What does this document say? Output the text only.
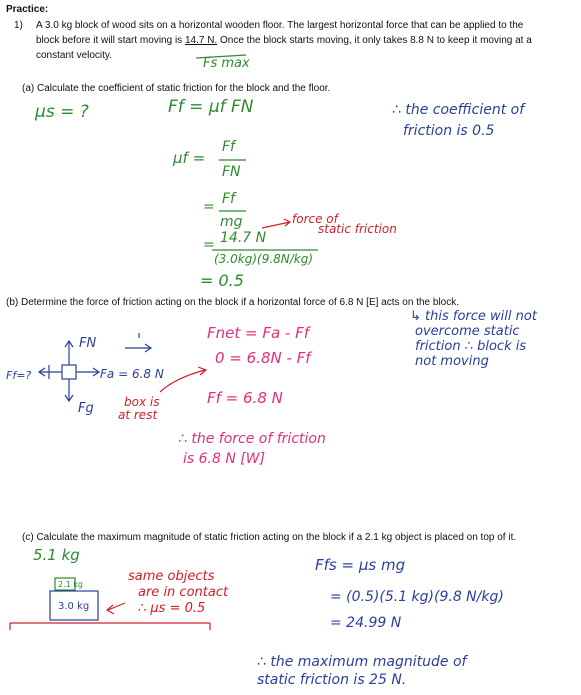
Practice:
1) A 3.0 kg block of wood sits on a horizontal wooden floor. The largest horizontal force that can be applied to the
block before it will start moving is 14.7 N. Once the block starts moving, it only takes 8.8 N to keep it moving at a
constant velocity.
Fs max
(a) Calculate the coefficient of static friction for the block and the floor.
μs = ?	Ff = μf FN
μf =
Ff
FN
= Ff
mg
= 14.7 N
(3.0kg)(9.8N/kg)
= 0.5
force of
static friction
∴ the coefficient of
friction is 0.5
(b) Determine the force of friction acting on the block if a horizontal force of 6.8 N [E] acts on the block.
FN
Ff=?	Fa = 6.8 N
Fg	box is
at rest
Fnet = Fa - Ff
0 = 6.8N - Ff
Ff = 6.8 N
∴ the force of friction
is 6.8 N [W]
↳ this force will not
overcome static
friction ∴ block is
not moving
(c) Calculate the maximum magnitude of static friction acting on the block if a 2.1 kg object is placed on top of it.
5.1 kg
2.1 kg
3.0 kg
same objects
are in contact
∴ μs = 0.5
Ffs = μs mg
= (0.5)(5.1 kg)(9.8 N/kg)
= 24.99 N
∴ the maximum magnitude of
static friction is 25 N.
